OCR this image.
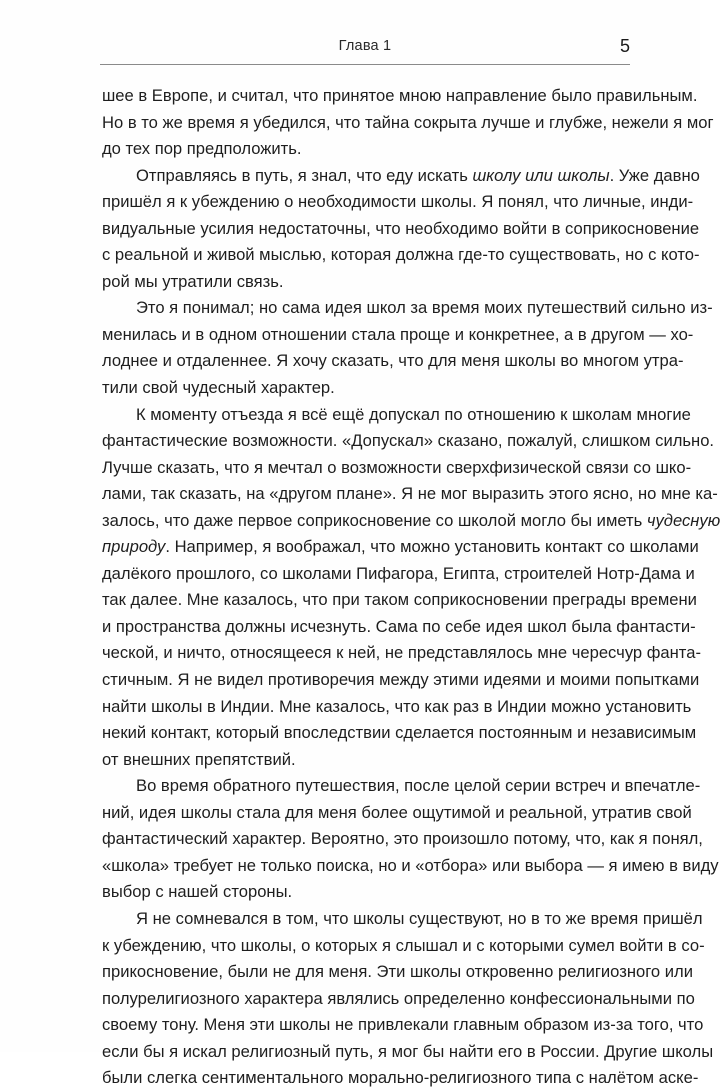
Глава 1	5
шее в Европе, и считал, что принятое мною направление было правильным.
Но в то же время я убедился, что тайна сокрыта лучше и глубже, нежели я мог
до тех пор предположить.
Отправляясь в путь, я знал, что еду искать школу или школы. Уже давно
пришёл я к убеждению о необходимости школы. Я понял, что личные, инди-
видуальные усилия недостаточны, что необходимо войти в соприкосновение
с реальной и живой мыслью, которая должна где-то существовать, но с кото-
рой мы утратили связь.
Это я понимал; но сама идея школ за время моих путешествий сильно из-
менилась и в одном отношении стала проще и конкретнее, а в другом — хо-
лоднее и отдаленнее. Я хочу сказать, что для меня школы во многом утра-
тили свой чудесный характер.
К моменту отъезда я всё ещё допускал по отношению к школам многие
фантастические возможности. «Допускал» сказано, пожалуй, слишком сильно.
Лучше сказать, что я мечтал о возможности сверхфизической связи со шко-
лами, так сказать, на «другом плане». Я не мог выразить этого ясно, но мне ка-
залось, что даже первое соприкосновение со школой могло бы иметь чудесную
природу. Например, я воображал, что можно установить контакт со школами
далёкого прошлого, со школами Пифагора, Египта, строителей Нотр-Дама и
так далее. Мне казалось, что при таком соприкосновении преграды времени
и пространства должны исчезнуть. Сама по себе идея школ была фантасти-
ческой, и ничто, относящееся к ней, не представлялось мне чересчур фанта-
стичным. Я не видел противоречия между этими идеями и моими попытками
найти школы в Индии. Мне казалось, что как раз в Индии можно установить
некий контакт, который впоследствии сделается постоянным и независимым
от внешних препятствий.
Во время обратного путешествия, после целой серии встреч и впечатле-
ний, идея школы стала для меня более ощутимой и реальной, утратив свой
фантастический характер. Вероятно, это произошло потому, что, как я понял,
«школа» требует не только поиска, но и «отбора» или выбора — я имею в виду
выбор с нашей стороны.
Я не сомневался в том, что школы существуют, но в то же время пришёл
к убеждению, что школы, о которых я слышал и с которыми сумел войти в со-
прикосновение, были не для меня. Эти школы откровенно религиозного или
полурелигиозного характера являлись определенно конфессиональными по
своему тону. Меня эти школы не привлекали главным образом из-за того, что
если бы я искал религиозный путь, я мог бы найти его в России. Другие школы
были слегка сентиментального морально-религиозного типа с налётом аске-
